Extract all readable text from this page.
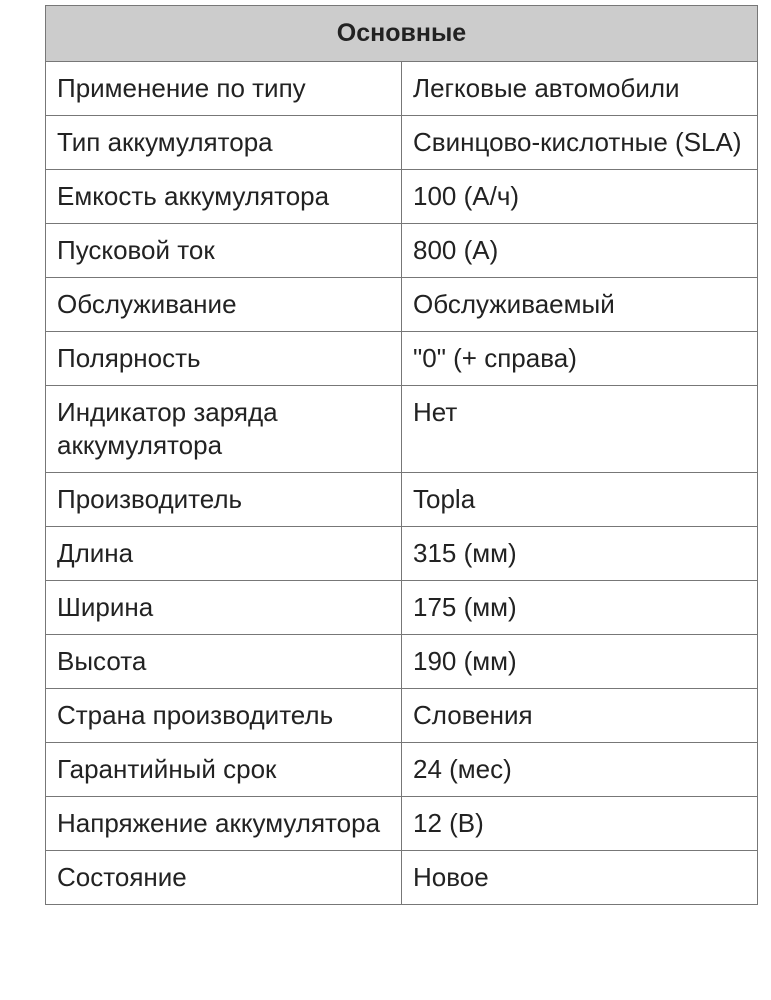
Основные	
Применение по типу	Легковые автомобили
Тип аккумулятора	Свинцово-кислотные (SLA)
Емкость аккумулятора	100 (А/ч)
Пусковой ток	800 (А)
Обслуживание	Обслуживаемый
Полярность	"0" (+ справа)
Индикатор заряда аккумулятора	Нет
Производитель	Topla
Длина	315 (мм)
Ширина	175 (мм)
Высота	190 (мм)
Страна производитель	Словения
Гарантийный срок	24 (мес)
Напряжение аккумулятора	12 (В)
Состояние	Новое
